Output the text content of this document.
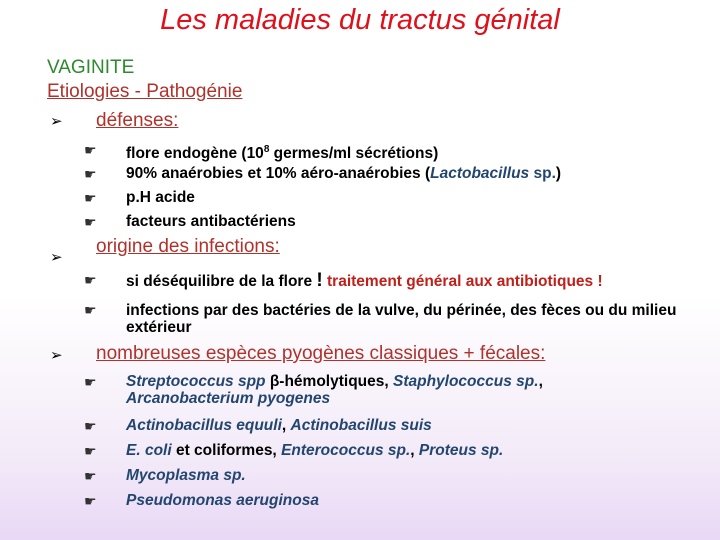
Les maladies du tractus génital
VAGINITE
Etiologies - Pathogénie
➢ défenses:
☛ flore endogène ($10^8$ germes/ml sécrétions)
☛ 90% anaérobies et 10% aéro-anaérobies (Lactobacillus sp.)
☛ p.H acide
☛ facteurs antibactériens
➢
origine des infections:
☛ si déséquilibre de la flore ! traitement général aux antibiotiques !
☛ infections par des bactéries de la vulve, du périnée, des fèces ou du milieu extérieur
➢ nombreuses espèces pyogènes classiques + fécales:
☛ Streptococcus spp β-hémolytiques, Staphylococcus sp., Arcanobacterium pyogenes
☛ Actinobacillus equuli, Actinobacillus suis
☛ E. coli et coliformes, Enterococcus sp., Proteus sp.
☛ Mycoplasma sp.
☛ Pseudomonas aeruginosa
